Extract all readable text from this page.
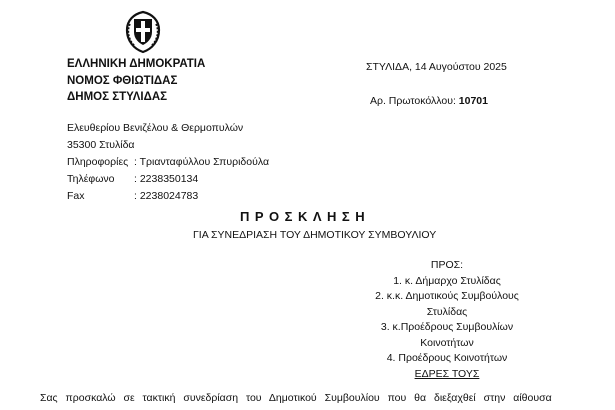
ΕΛΛΗΝΙΚΗ ΔΗΜΟΚΡΑΤΙΑ
ΝΟΜΟΣ ΦΘΙΩΤΙΔΑΣ
ΔΗΜΟΣ ΣΤΥΛΙΔΑΣ
ΣΤΥΛΙΔΑ, 14 Αυγούστου 2025
Αρ. Πρωτοκόλλου: 10701
Ελευθερίου Βενιζέλου & Θερμοπυλών
35300 Στυλίδα
Πληροφορίες : Τριανταφύλλου Σπυριδούλα
Τηλέφωνο : 2238350134
Fax	: 2238024783
ΠΡΟΣΚΛΗΣΗ
ΓΙΑ ΣΥΝΕΔΡΙΑΣΗ ΤΟΥ ΔΗΜΟΤΙΚΟΥ ΣΥΜΒΟΥΛΙΟΥ
ΠΡΟΣ:
1. κ. Δήμαρχο Στυλίδας
2. κ.κ. Δημοτικούς Συμβούλους
Στυλίδας
3. κ.Προέδρους Συμβουλίων
Κοινοτήτων
4. Προέδρους Κοινοτήτων
ΕΔΡΕΣ ΤΟΥΣ
Σας προσκαλώ σε τακτική συνεδρίαση του Δημοτικού Συμβουλίου που θα διεξαχθεί στην αίθουσα
